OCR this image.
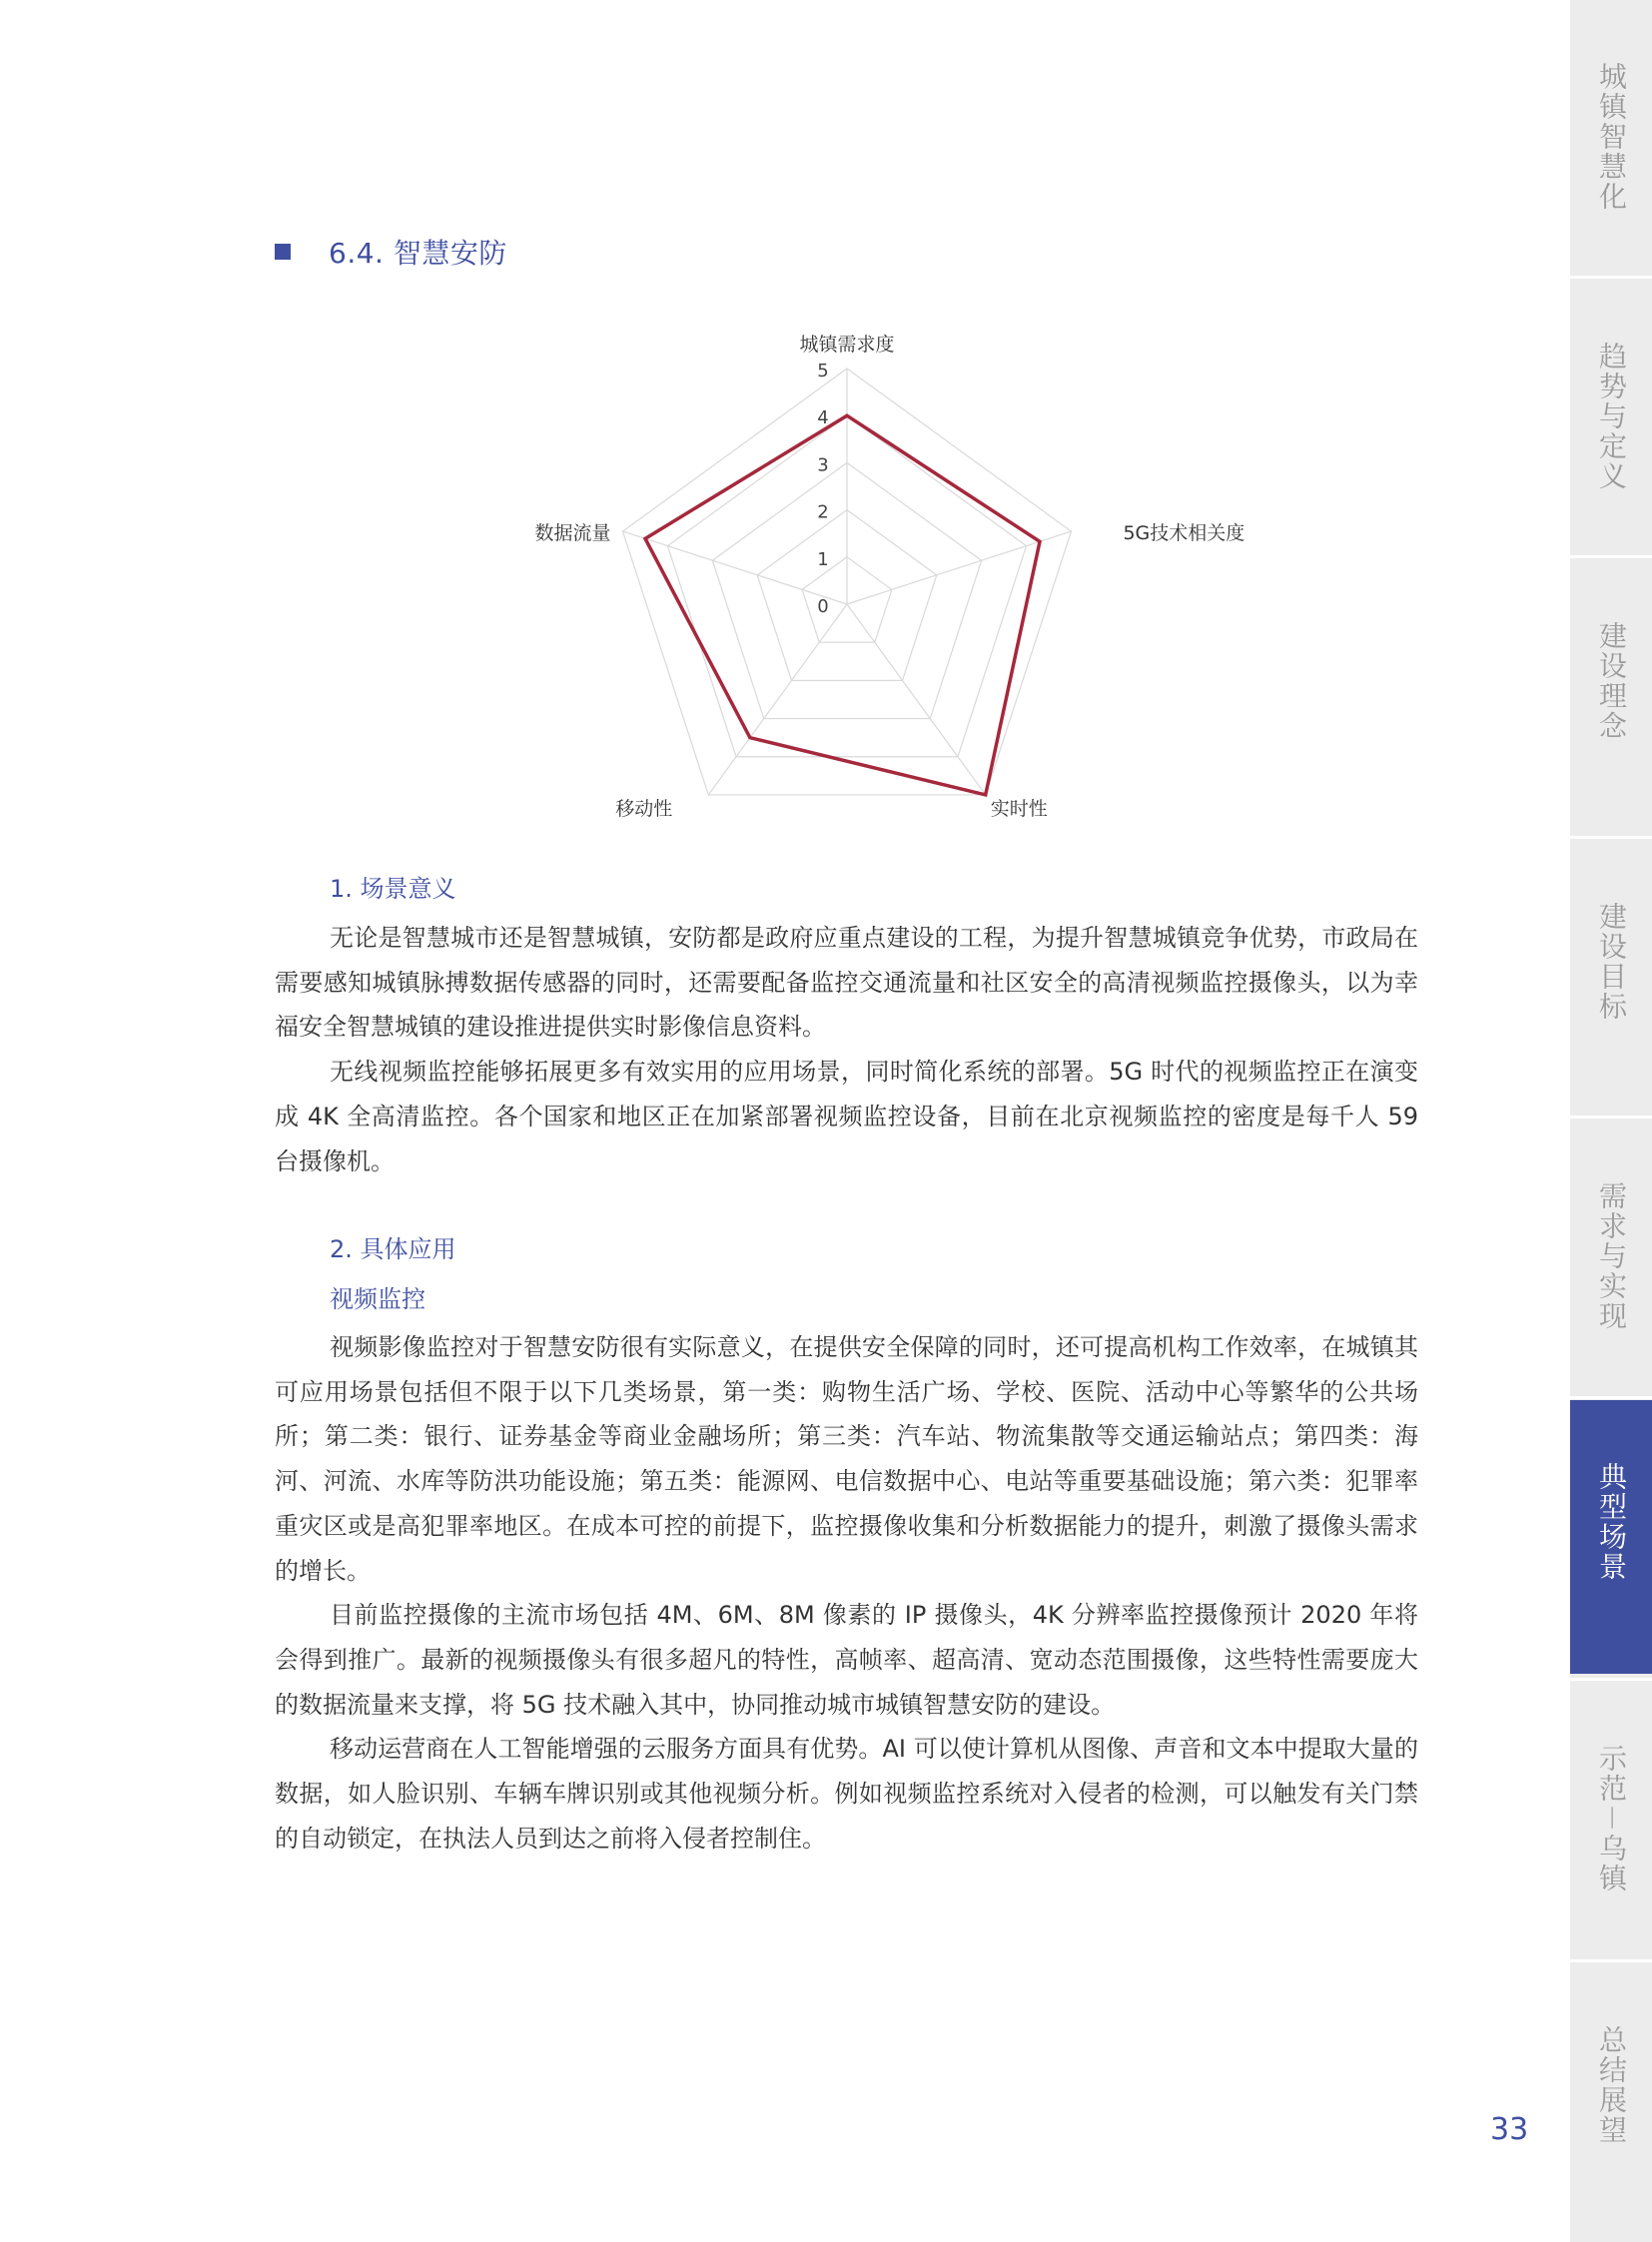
6.4. 智慧安防
0
1
2
3
4
5
城镇需求度
5G技术相关度
实时性
移动性
数据流量
1. 场景意义

无论是智慧城市还是智慧城镇，安防都是政府应重点建设的工程，为提升智慧城镇竞争优势，市政局在需要感知城镇脉搏数据传感器的同时，还需要配备监控交通流量和社区安全的高清视频监控摄像头，以为幸福安全智慧城镇的建设推进提供实时影像信息资料。

无线视频监控能够拓展更多有效实用的应用场景，同时简化系统的部署。5G 时代的视频监控正在演变成 4K 全高清监控。各个国家和地区正在加紧部署视频监控设备，目前在北京视频监控的密度是每千人 59 台摄像机。

2. 具体应用
视频监控

视频影像监控对于智慧安防很有实际意义，在提供安全保障的同时，还可提高机构工作效率，在城镇其可应用场景包括但不限于以下几类场景，第一类：购物生活广场、学校、医院、活动中心等繁华的公共场所；第二类：银行、证券基金等商业金融场所；第三类：汽车站、物流集散等交通运输站点；第四类：海河、河流、水库等防洪功能设施；第五类：能源网、电信数据中心、电站等重要基础设施；第六类：犯罪率重灾区或是高犯罪率地区。在成本可控的前提下，监控摄像收集和分析数据能力的提升，刺激了摄像头需求的增长。

目前监控摄像的主流市场包括 4M、6M、8M 像素的 IP 摄像头，4K 分辨率监控摄像预计 2020 年将会得到推广。最新的视频摄像头有很多超凡的特性，高帧率、超高清、宽动态范围摄像，这些特性需要庞大的数据流量来支撑，将 5G 技术融入其中，协同推动城市城镇智慧安防的建设。

移动运营商在人工智能增强的云服务方面具有优势。AI 可以使计算机从图像、声音和文本中提取大量的数据，如人脸识别、车辆车牌识别或其他视频分析。例如视频监控系统对入侵者的检测，可以触发有关门禁的自动锁定，在执法人员到达之前将入侵者控制住。

城镇智慧化
趋势与定义
建设理念
建设目标
需求与实现
典型场景
示范－乌镇
总结展望
33
